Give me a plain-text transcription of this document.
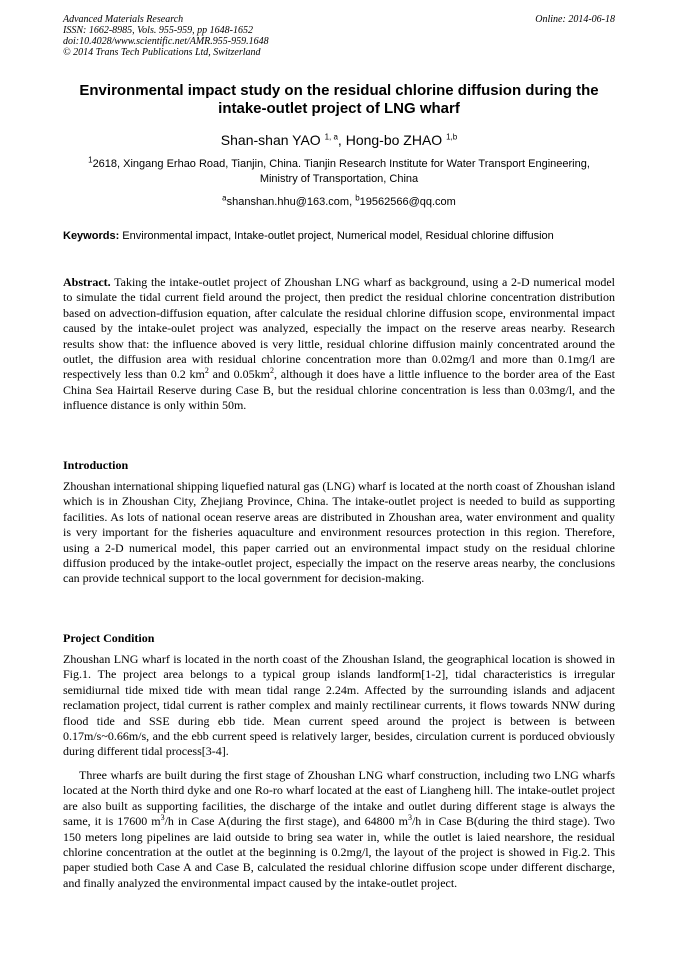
Advanced Materials Research
ISSN: 1662-8985, Vols. 955-959, pp 1648-1652
doi:10.4028/www.scientific.net/AMR.955-959.1648
© 2014 Trans Tech Publications Ltd, Switzerland
Online: 2014-06-18
Environmental impact study on the residual chlorine diffusion during the intake-outlet project of LNG wharf
Shan-shan YAO $^{1, a}$, Hong-bo ZHAO $^{1,b}$
$^1$2618, Xingang Erhao Road, Tianjin, China. Tianjin Research Institute for Water Transport Engineering, Ministry of Transportation, China
$^a$shanshan.hhu@163.com, $^b$19562566@qq.com
Keywords: Environmental impact, Intake-outlet project, Numerical model, Residual chlorine diffusion
Abstract. Taking the intake-outlet project of Zhoushan LNG wharf as background, using a 2-D numerical model to simulate the tidal current field around the project, then predict the residual chlorine concentration distribution based on advection-diffusion equation, after calculate the residual chlorine diffusion scope, environmental impact caused by the intake-oulet project was analyzed, especially the impact on the reserve areas nearby. Research results show that: the influence aboved is very little, residual chlorine diffusion mainly concentrated around the outlet, the diffusion area with residual chlorine concentration more than 0.02mg/l and more than 0.1mg/l are respectively less than 0.2 $km^2$ and $0.05km^2$, although it does have a little influence to the border area of the East China Sea Hairtail Reserve during Case B, but the residual chlorine concentration is less than 0.03mg/l, and the influence distance is only within 50m.
Introduction
Zhoushan international shipping liquefied natural gas (LNG) wharf is located at the north coast of Zhoushan island which is in Zhoushan City, Zhejiang Province, China. The intake-outlet project is needed to build as supporting facilities. As lots of national ocean reserve areas are distributed in Zhoushan area, water environment and quality is very important for the fisheries aquaculture and environment resources protection in this region. Therefore, using a 2-D numerical model, this paper carried out an environmental impact study on the residual chlorine diffusion produced by the intake-outlet project, especially the impact on the reserve areas nearby, the conclusions can provide technical support to the local government for decision-making.
Project Condition
Zhoushan LNG wharf is located in the north coast of the Zhoushan Island, the geographical location is showed in Fig.1. The project area belongs to a typical group islands landform[1-2], tidal characteristics is irregular semidiurnal tide mixed tide with mean tidal range 2.24m. Affected by the surrounding islands and adjacent reclamation project, tidal current is rather complex and mainly rectilinear currents, it flows towards NNW during flood tide and SSE during ebb tide. Mean current speed around the project is between is between 0.17m/s~0.66m/s, and the ebb current speed is relatively larger, besides, circulation current is porduced obviously during different tidal process[3-4].
Three wharfs are built during the first stage of Zhoushan LNG wharf construction, including two LNG wharfs located at the North third dyke and one Ro-ro wharf located at the east of Liangheng hill. The intake-outlet project are also built as supporting facilities, the discharge of the intake and outlet during different stage is always the same, it is 17600 $m^3/h$ in Case A(during the first stage), and 64800 $m^3/h$ in Case B(during the third stage). Two 150 meters long pipelines are laid outside to bring sea water in, while the outlet is laied nearshore, the residual chlorine concentration at the outlet at the beginning is 0.2mg/l, the layout of the project is showed in Fig.2. This paper studied both Case A and Case B, calculated the residual chlorine diffusion scope under different discharge, and finally analyzed the environmental impact caused by the intake-outlet project.
